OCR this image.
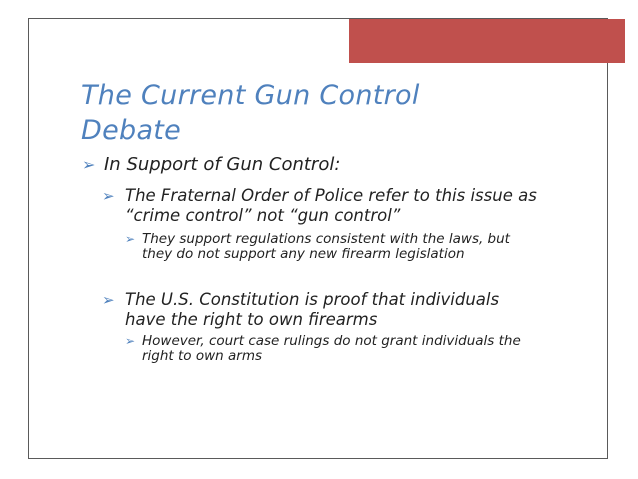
The Current Gun Control Debate
➢ In Support of Gun Control:
➢ The Fraternal Order of Police refer to this issue as “crime control” not “gun control”
➢ They support regulations consistent with the laws, but they do not support any new firearm legislation
➢ The U.S. Constitution is proof that individuals have the right to own firearms
➢ However, court case rulings do not grant individuals the right to own arms
